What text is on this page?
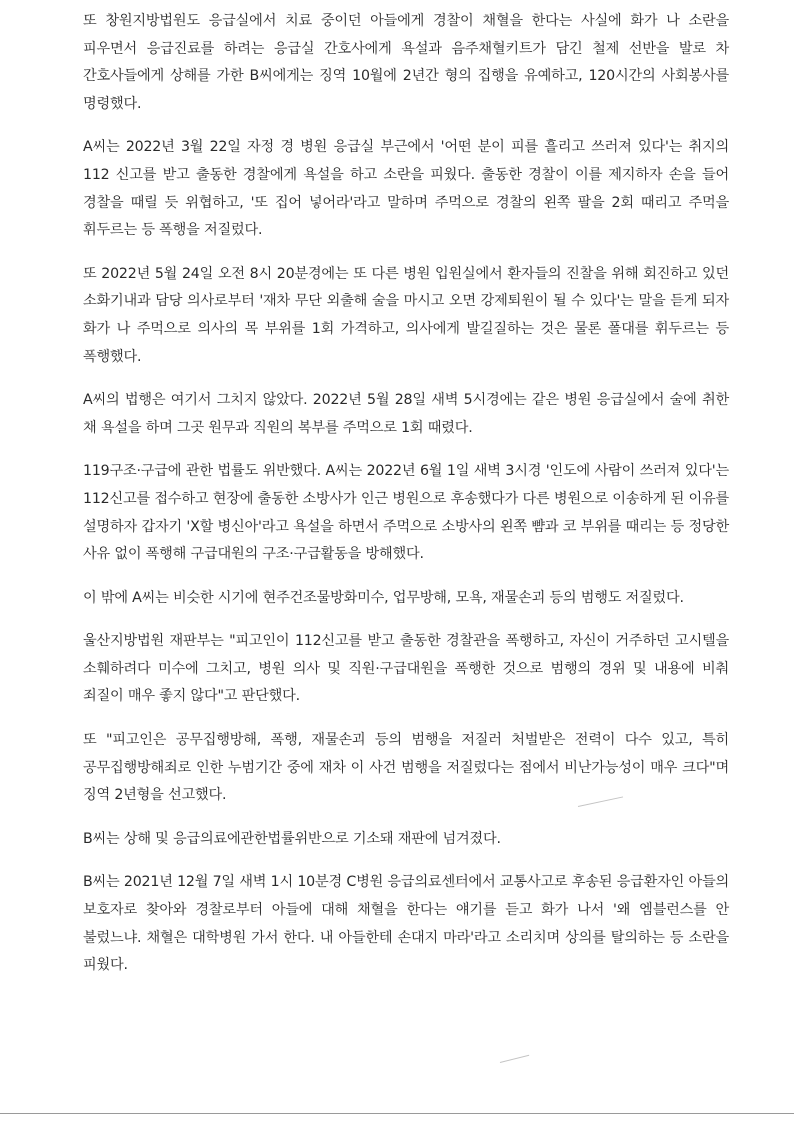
또 창원지방법원도 응급실에서 치료 중이던 아들에게 경찰이 채혈을 한다는 사실에 화가 나 소란을 피우면서 응급진료를 하려는 응급실 간호사에게 욕설과 음주채혈키트가 담긴 철제 선반을 발로 차 간호사들에게 상해를 가한 B씨에게는 징역 10월에 2년간 형의 집행을 유예하고, 120시간의 사회봉사를 명령했다.

A씨는 2022년 3월 22일 자정 경 병원 응급실 부근에서 '어떤 분이 피를 흘리고 쓰러져 있다'는 취지의 112 신고를 받고 출동한 경찰에게 욕설을 하고 소란을 피웠다. 출동한 경찰이 이를 제지하자 손을 들어 경찰을 때릴 듯 위협하고, '또 집어 넣어라'라고 말하며 주먹으로 경찰의 왼쪽 팔을 2회 때리고 주먹을 휘두르는 등 폭행을 저질렀다.

또 2022년 5월 24일 오전 8시 20분경에는 또 다른 병원 입원실에서 환자들의 진찰을 위해 회진하고 있던 소화기내과 담당 의사로부터 '재차 무단 외출해 술을 마시고 오면 강제퇴원이 될 수 있다'는 말을 듣게 되자 화가 나 주먹으로 의사의 목 부위를 1회 가격하고, 의사에게 발길질하는 것은 물론 폴대를 휘두르는 등 폭행했다.

A씨의 법행은 여기서 그치지 않았다. 2022년 5월 28일 새벽 5시경에는 같은 병원 응급실에서 술에 취한 채 욕설을 하며 그곳 원무과 직원의 복부를 주먹으로 1회 때렸다.

119구조·구급에 관한 법률도 위반했다. A씨는 2022년 6월 1일 새벽 3시경 '인도에 사람이 쓰러져 있다'는 112신고를 접수하고 현장에 출동한 소방사가 인근 병원으로 후송했다가 다른 병원으로 이송하게 된 이유를 설명하자 갑자기 'X할 병신아'라고 욕설을 하면서 주먹으로 소방사의 왼쪽 뺨과 코 부위를 때리는 등 정당한 사유 없이 폭행해 구급대원의 구조·구급활동을 방해했다.

이 밖에 A씨는 비슷한 시기에 현주건조물방화미수, 업무방해, 모욕, 재물손괴 등의 범행도 저질렀다.

울산지방법원 재판부는 "피고인이 112신고를 받고 출동한 경찰관을 폭행하고, 자신이 거주하던 고시텔을 소훼하려다 미수에 그치고, 병원 의사 및 직원·구급대원을 폭행한 것으로 범행의 경위 및 내용에 비춰 죄질이 매우 좋지 않다"고 판단했다.

또 "피고인은 공무집행방해, 폭행, 재물손괴 등의 범행을 저질러 처벌받은 전력이 다수 있고, 특히 공무집행방해죄로 인한 누범기간 중에 재차 이 사건 범행을 저질렀다는 점에서 비난가능성이 매우 크다"며 징역 2년형을 선고했다.

B씨는 상해 및 응급의료에관한법률위반으로 기소돼 재판에 넘겨졌다.

B씨는 2021년 12월 7일 새벽 1시 10분경 C병원 응급의료센터에서 교통사고로 후송된 응급환자인 아들의 보호자로 찾아와 경찰로부터 아들에 대해 채혈을 한다는 얘기를 듣고 화가 나서 '왜 엠블런스를 안 불렀느냐. 채혈은 대학병원 가서 한다. 내 아들한테 손대지 마라'라고 소리치며 상의를 탈의하는 등 소란을 피웠다.
